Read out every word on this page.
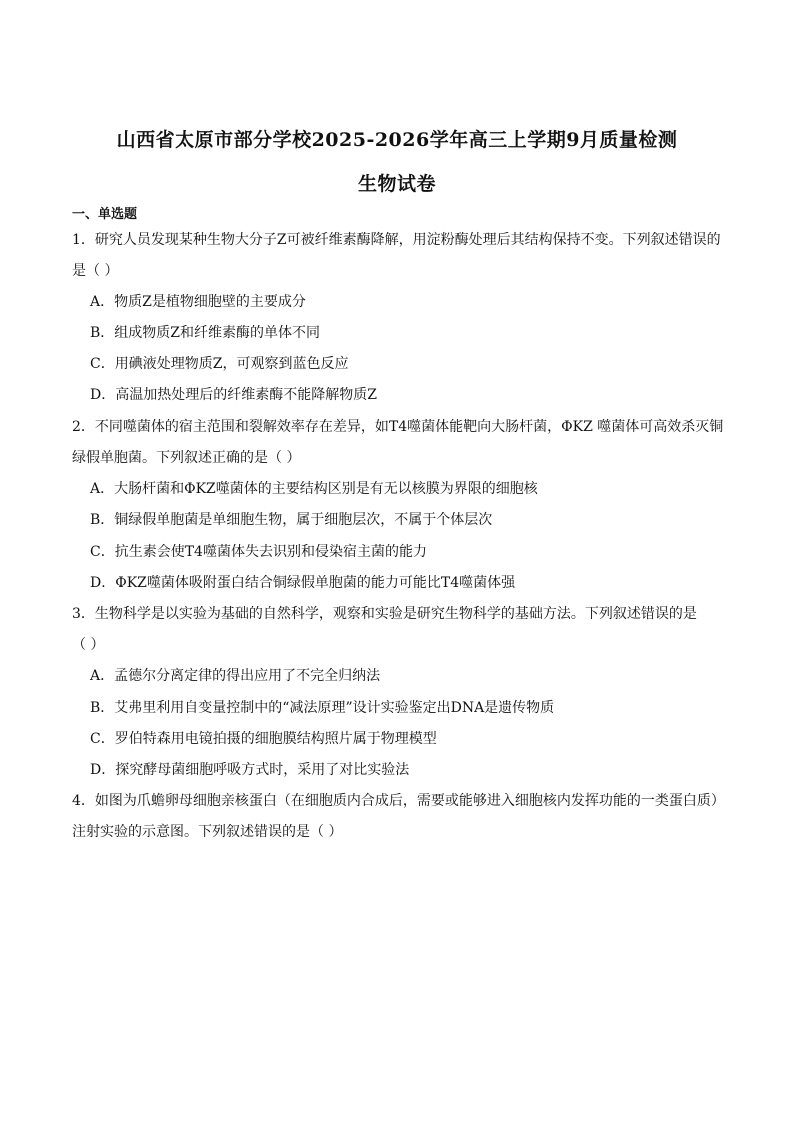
山西省太原市部分学校2025-2026学年高三上学期9月质量检测
生物试卷
一、单选题
1．研究人员发现某种生物大分子Z可被纤维素酶降解，用淀粉酶处理后其结构保持不变。下列叙述错误的
是（ ）
A．物质Z是植物细胞壁的主要成分
B．组成物质Z和纤维素酶的单体不同
C．用碘液处理物质Z，可观察到蓝色反应
D．高温加热处理后的纤维素酶不能降解物质Z
2．不同噬菌体的宿主范围和裂解效率存在差异，如T4噬菌体能靶向大肠杆菌，ΦKZ 噬菌体可高效杀灭铜
绿假单胞菌。下列叙述正确的是（ ）
A．大肠杆菌和ΦKZ噬菌体的主要结构区别是有无以核膜为界限的细胞核
B．铜绿假单胞菌是单细胞生物，属于细胞层次，不属于个体层次
C．抗生素会使T4噬菌体失去识别和侵染宿主菌的能力
D．ΦKZ噬菌体吸附蛋白结合铜绿假单胞菌的能力可能比T4噬菌体强
3．生物科学是以实验为基础的自然科学，观察和实验是研究生物科学的基础方法。下列叙述错误的是
（ ）
A．孟德尔分离定律的得出应用了不完全归纳法
B．艾弗里利用自变量控制中的“减法原理”设计实验鉴定出DNA是遗传物质
C．罗伯特森用电镜拍摄的细胞膜结构照片属于物理模型
D．探究酵母菌细胞呼吸方式时，采用了对比实验法
4．如图为爪蟾卵母细胞亲核蛋白（在细胞质内合成后，需要或能够进入细胞核内发挥功能的一类蛋白质）
注射实验的示意图。下列叙述错误的是（ ）
